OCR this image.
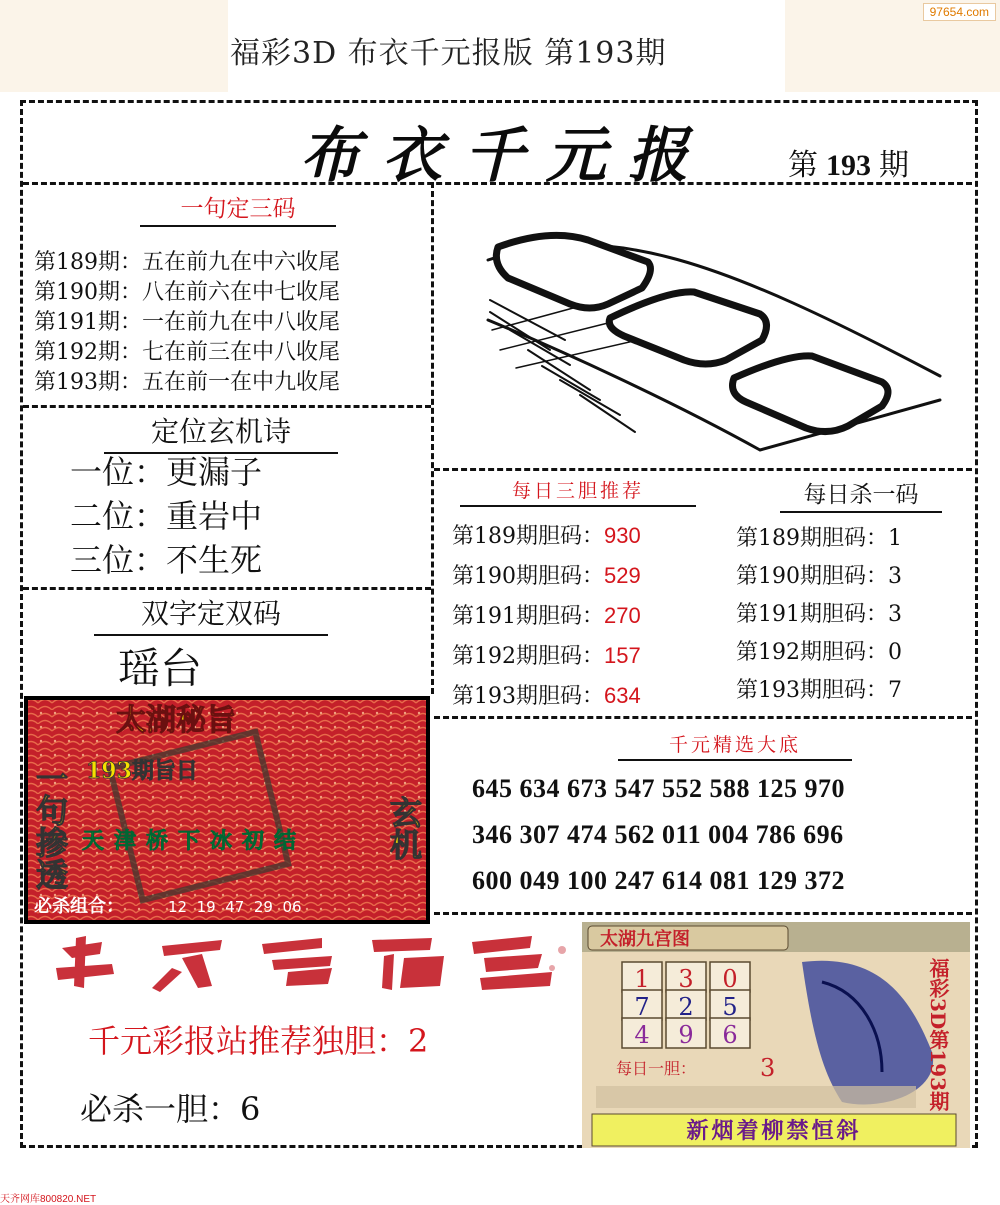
福彩3D 布衣千元报版 第193期
97654.com
布衣千元报	第 193 期
一句定三码
第189期：五在前九在中六收尾
第190期：八在前六在中七收尾
第191期：一在前九在中八收尾
第192期：七在前三在中八收尾
第193期：五在前一在中九收尾
定位玄机诗
一位：更漏子
二位：重岩中
三位：不生死
双字定双码
瑶台
太湖秘旨
193期旨日
一句掺透	玄机
天津桥下冰初结
必杀组合：	12  19  47  29  06
每日三胆推荐
第189期胆码：930
第190期胆码：529
第191期胆码：270
第192期胆码：157
第193期胆码：634
每日杀一码
第189期胆码：1
第190期胆码：3
第191期胆码：3
第192期胆码：0
第193期胆码：7
千元精选大底
645 634 673 547 552 588 125 970
346 307 474 562 011 004 786 696
600 049 100 247 614 081 129 372
千元彩报站推荐独胆：2
必杀一胆：6
太湖九宫图
1 3 0
7 2 5
4 9 6
每日一胆：	3	福彩3D第193期
新烟着柳禁恒斜
天齐网库800820.NET
